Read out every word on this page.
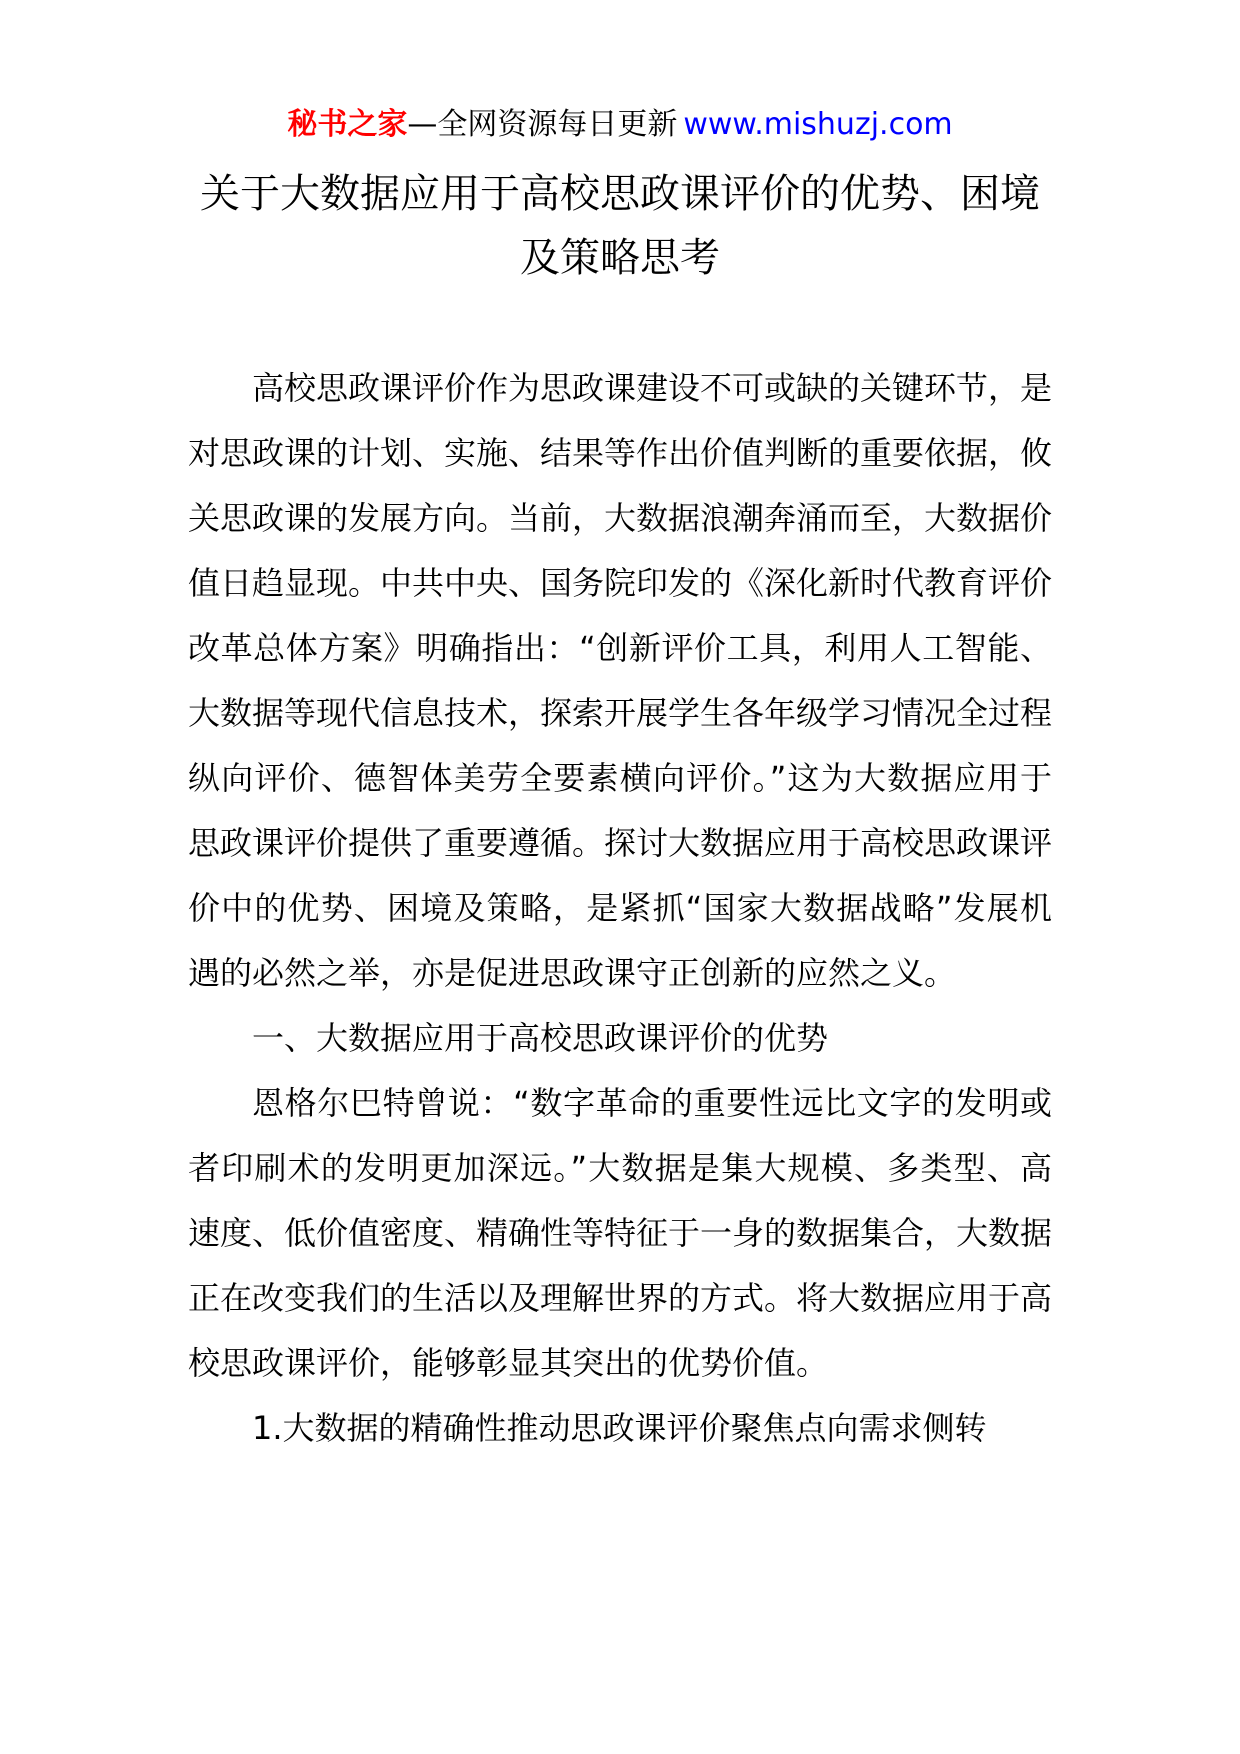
秘书之家—全网资源每日更新 www.mishuzj.com
关于大数据应用于高校思政课评价的优势、困境及策略思考

高校思政课评价作为思政课建设不可或缺的关键环节，是对思政课的计划、实施、结果等作出价值判断的重要依据，攸关思政课的发展方向。当前，大数据浪潮奔涌而至，大数据价值日趋显现。中共中央、国务院印发的《深化新时代教育评价改革总体方案》明确指出：“创新评价工具，利用人工智能、大数据等现代信息技术，探索开展学生各年级学习情况全过程纵向评价、德智体美劳全要素横向评价。”这为大数据应用于思政课评价提供了重要遵循。探讨大数据应用于高校思政课评价中的优势、困境及策略，是紧抓“国家大数据战略”发展机遇的必然之举，亦是促进思政课守正创新的应然之义。

一、大数据应用于高校思政课评价的优势

恩格尔巴特曾说：“数字革命的重要性远比文字的发明或者印刷术的发明更加深远。”大数据是集大规模、多类型、高速度、低价值密度、精确性等特征于一身的数据集合，大数据正在改变我们的生活以及理解世界的方式。将大数据应用于高校思政课评价，能够彰显其突出的优势价值。

1.大数据的精确性推动思政课评价聚焦点向需求侧转
